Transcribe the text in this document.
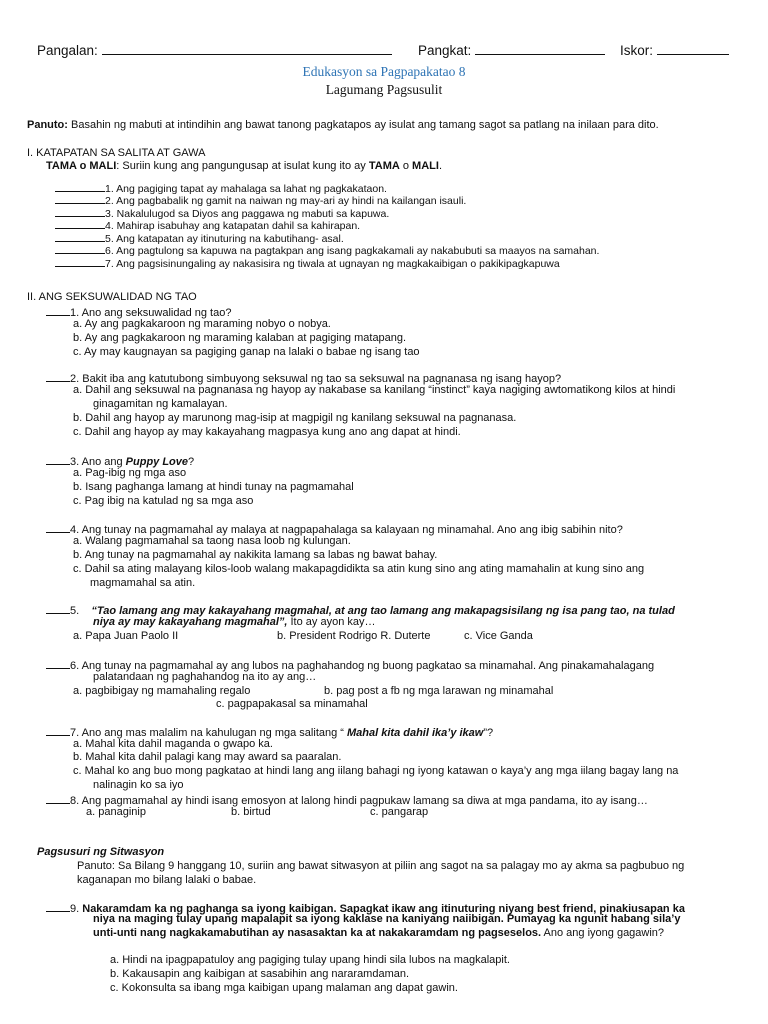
Pangalan:	Pangkat:	Iskor:
Edukasyon sa Pagpapakatao 8
Lagumang Pagsusulit
Panuto: Basahin ng mabuti at intindihin ang bawat tanong pagkatapos ay isulat ang tamang sagot sa patlang na inilaan para dito.
I. KATAPATAN SA SALITA AT GAWA
TAMA o MALI: Suriin kung ang pangungusap at isulat kung ito ay TAMA o MALI.
1. Ang pagiging tapat ay mahalaga sa lahat ng pagkakataon.
2. Ang pagbabalik ng gamit na naiwan ng may-ari ay hindi na kailangan isauli.
3. Nakalulugod sa Diyos ang paggawa ng mabuti sa kapuwa.
4. Mahirap isabuhay ang katapatan dahil sa kahirapan.
5. Ang katapatan ay itinuturing na kabutihang- asal.
6. Ang pagtulong sa kapuwa na pagtakpan ang isang pagkakamali ay nakabubuti sa maayos na samahan.
7. Ang pagsisinungaling ay nakasisira ng tiwala at ugnayan ng magkakaibigan o pakikipagkapuwa
II. ANG SEKSUWALIDAD NG TAO
1. Ano ang seksuwalidad ng tao?
a. Ay ang pagkakaroon ng maraming nobyo o nobya.
b. Ay ang pagkakaroon ng maraming kalaban at pagiging matapang.
c. Ay may kaugnayan sa pagiging ganap na lalaki o babae ng isang tao
2. Bakit iba ang katutubong simbuyong seksuwal ng tao sa seksuwal na pagnanasa ng isang hayop?
a. Dahil ang seksuwal na pagnanasa ng hayop ay nakabase sa kanilang “instinct” kaya nagiging awtomatikong kilos at hindi
ginagamitan ng kamalayan.
b. Dahil ang hayop ay marunong mag-isip at magpigil ng kanilang seksuwal na pagnanasa.
c. Dahil ang hayop ay may kakayahang magpasya kung ano ang dapat at hindi.
3. Ano ang Puppy Love?
a. Pag-ibig ng mga aso
b. Isang paghanga lamang at hindi tunay na pagmamahal
c. Pag ibig na katulad ng sa mga aso
4. Ang tunay na pagmamahal ay malaya at nagpapahalaga sa kalayaan ng minamahal. Ano ang ibig sabihin nito?
a. Walang pagmamahal sa taong nasa loob ng kulungan.
b. Ang tunay na pagmamahal ay nakikita lamang sa labas ng bawat bahay.
c. Dahil sa ating malayang kilos-loob walang makapagdidikta sa atin kung sino ang ating mamahalin at kung sino ang
magmamahal sa atin.
5. “Tao lamang ang may kakayahang magmahal, at ang tao lamang ang makapagsisilang ng isa pang tao, na tulad
niya ay may kakayahang magmahal”, Ito ay ayon kay…
a. Papa Juan Paolo II	b. President Rodrigo R. Duterte	c. Vice Ganda
6. Ang tunay na pagmamahal ay ang lubos na paghahandog ng buong pagkatao sa minamahal. Ang pinakamahalagang
palatandaan ng paghahandog na ito ay ang…
a. pagbibigay ng mamahaling regalo	b. pag post a fb ng mga larawan ng minamahal
c. pagpapakasal sa minamahal
7. Ano ang mas malalim na kahulugan ng mga salitang “ Mahal kita dahil ika’y ikaw”?
a. Mahal kita dahil maganda o gwapo ka.
b. Mahal kita dahil palagi kang may award sa paaralan.
c. Mahal ko ang buo mong pagkatao at hindi lang ang iilang bahagi ng iyong katawan o kaya’y ang mga iilang bagay lang na
nalinagin ko sa iyo
8. Ang pagmamahal ay hindi isang emosyon at lalong hindi pagpukaw lamang sa diwa at mga pandama, ito ay isang…
a. panaginip	b. birtud	c. pangarap
Pagsusuri ng Sitwasyon
Panuto: Sa Bilang 9 hanggang 10, suriin ang bawat sitwasyon at piliin ang sagot na sa palagay mo ay akma sa pagbubuo ng
kaganapan mo bilang lalaki o babae.
9. Nakaramdam ka ng paghanga sa iyong kaibigan. Sapagkat ikaw ang itinuturing niyang best friend, pinakiusapan ka
niya na maging tulay upang mapalapit sa iyong kaklase na kaniyang naiibigan. Pumayag ka ngunit habang sila’y
unti-unti nang nagkakamabutihan ay nasasaktan ka at nakakaramdam ng pagseselos. Ano ang iyong gagawin?
a. Hindi na ipagpapatuloy ang pagiging tulay upang hindi sila lubos na magkalapit.
b. Kakausapin ang kaibigan at sasabihin ang nararamdaman.
c. Kokonsulta sa ibang mga kaibigan upang malaman ang dapat gawin.
